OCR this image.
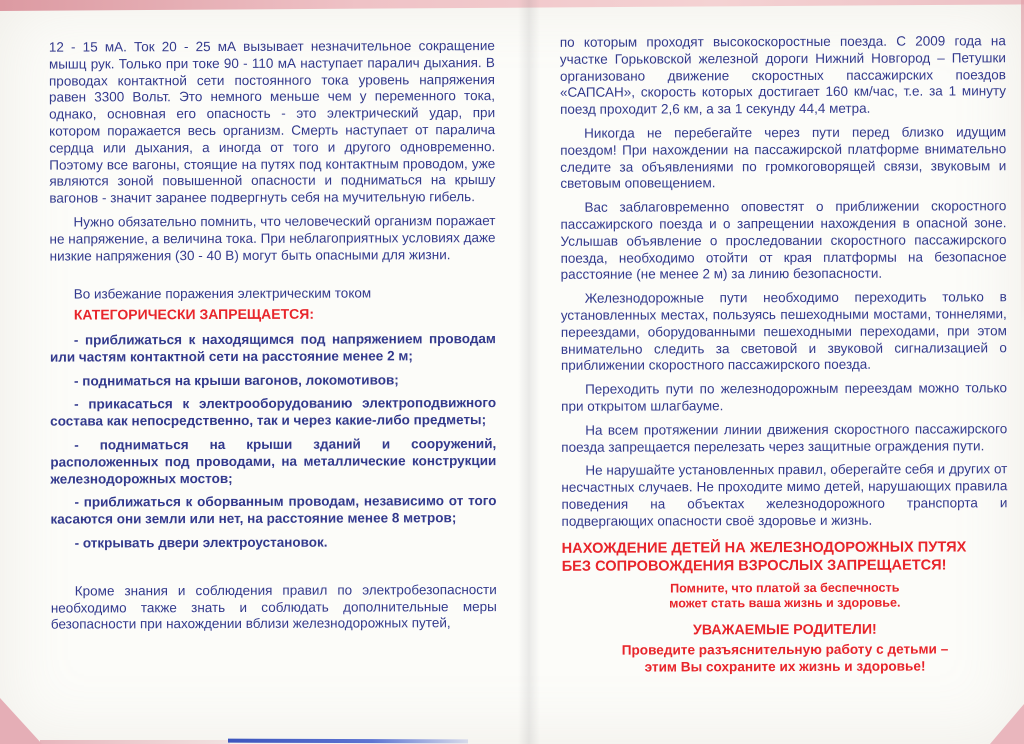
12 - 15 мА. Ток 20 - 25 мА вызывает незначительное сокращение мышц рук. Только при токе 90 - 110 мА наступает паралич дыхания. В проводах контактной сети постоянного тока уровень напряжения равен 3300 Вольт. Это немного меньше чем у переменного тока, однако, основная его опасность - это электрический удар, при котором поражается весь организм. Смерть наступает от паралича сердца или дыхания, а иногда от того и другого одновременно. Поэтому все вагоны, стоящие на путях под контактным проводом, уже являются зоной повышенной опасности и подниматься на крышу вагонов - значит заранее подвергнуть себя на мучительную гибель.

Нужно обязательно помнить, что человеческий организм поражает не напряжение, а величина тока. При неблагоприятных условиях даже низкие напряжения (30 - 40 В) могут быть опасными для жизни.

Во избежание поражения электрическим током

КАТЕГОРИЧЕСКИ ЗАПРЕЩАЕТСЯ:

- приближаться к находящимся под напряжением проводам или частям контактной сети на расстояние менее 2 м;

- подниматься на крыши вагонов, локомотивов;

- прикасаться к электрооборудованию электроподвижного состава как непосредственно, так и через какие-либо предметы;

- подниматься на крыши зданий и сооружений, расположенных под проводами, на металлические конструкции железнодорожных мостов;

- приближаться к оборванным проводам, независимо от того касаются они земли или нет, на расстояние менее 8 метров;

- открывать двери электроустановок.

Кроме знания и соблюдения правил по электробезопасности необходимо также знать и соблюдать дополнительные меры безопасности при нахождении вблизи железнодорожных путей,

по которым проходят высокоскоростные поезда. С 2009 года на участке Горьковской железной дороги Нижний Новгород – Петушки организовано движение скоростных пассажирских поездов «САПСАН», скорость которых достигает 160 км/час, т.е. за 1 минуту поезд проходит 2,6 км, а за 1 секунду 44,4 метра.

Никогда не перебегайте через пути перед близко идущим поездом! При нахождении на пассажирской платформе внимательно следите за объявлениями по громкоговорящей связи, звуковым и световым оповещением.

Вас заблаговременно оповестят о приближении скоростного пассажирского поезда и о запрещении нахождения в опасной зоне. Услышав объявление о проследовании скоростного пассажирского поезда, необходимо отойти от края платформы на безопасное расстояние (не менее 2 м) за линию безопасности.

Железнодорожные пути необходимо переходить только в установленных местах, пользуясь пешеходными мостами, тоннелями, переездами, оборудованными пешеходными переходами, при этом внимательно следить за световой и звуковой сигнализацией о приближении скоростного пассажирского поезда.

Переходить пути по железнодорожным переездам можно только при открытом шлагбауме.

На всем протяжении линии движения скоростного пассажирского поезда запрещается перелезать через защитные ограждения пути.

Не нарушайте установленных правил, оберегайте себя и других от несчастных случаев. Не проходите мимо детей, нарушающих правила поведения на объектах железнодорожного транспорта и подвергающих опасности своё здоровье и жизнь.

НАХОЖДЕНИЕ ДЕТЕЙ НА ЖЕЛЕЗНОДОРОЖНЫХ ПУТЯХ
БЕЗ СОПРОВОЖДЕНИЯ ВЗРОСЛЫХ ЗАПРЕЩАЕТСЯ!

Помните, что платой за беспечность
может стать ваша жизнь и здоровье.

УВАЖАЕМЫЕ РОДИТЕЛИ!

Проведите разъяснительную работу с детьми –
этим Вы сохраните их жизнь и здоровье!
